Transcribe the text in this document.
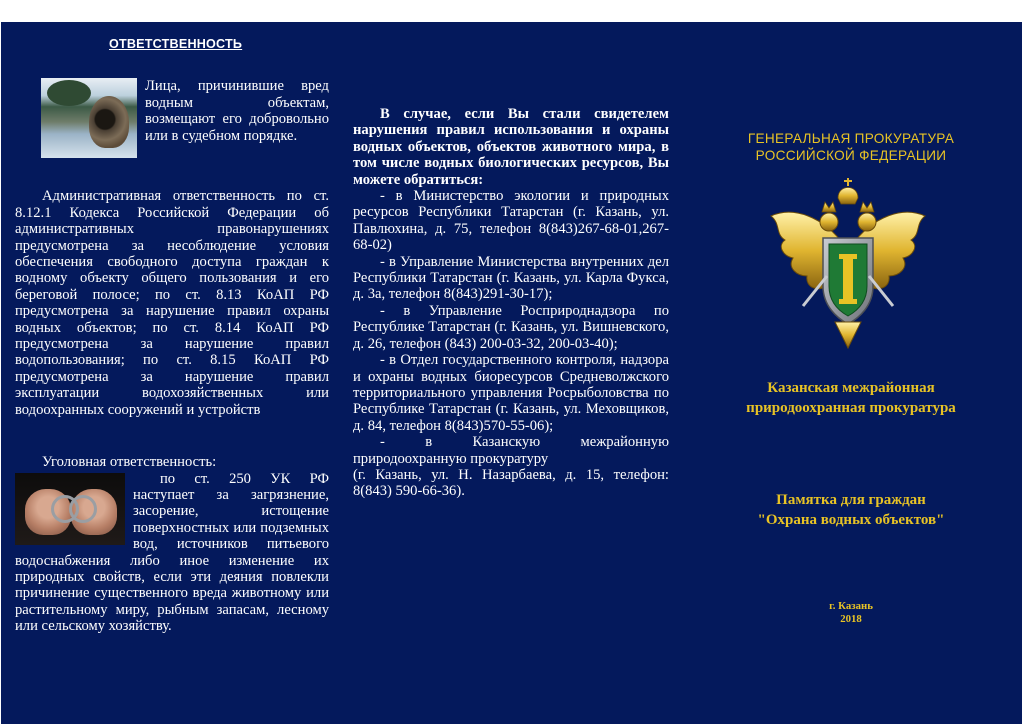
ОТВЕТСТВЕННОСТЬ
Лица, причинившие вред водным объектам, возмещают его добровольно или в судебном порядке.
Административная ответственность по ст. 8.12.1 Кодекса Российской Федерации об административных правонарушениях предусмотрена за несоблюдение условия обеспечения свободного доступа граждан к водному объекту общего пользования и его береговой полосе; по ст. 8.13 КоАП РФ предусмотрена за нарушение правил охраны водных объектов; по ст. 8.14 КоАП РФ предусмотрена за нарушение правил водопользования; по ст. 8.15 КоАП РФ предусмотрена за нарушение правил эксплуатации водохозяйственных или водоохранных сооружений и устройств
Уголовная ответственность:
по ст. 250 УК РФ наступает за загрязнение, засорение, истощение поверхностных или подземных вод, источников питьевого водоснабжения либо иное изменение их природных свойств, если эти деяния повлекли причинение существенного вреда животному или растительному миру, рыбным запасам, лесному или сельскому хозяйству.
В случае, если Вы стали свидетелем нарушения правил использования и охраны водных объектов, объектов животного мира, в том числе водных биологических ресурсов, Вы можете обратиться:
- в Министерство экологии и природных ресурсов Республики Татарстан (г. Казань, ул. Павлюхина, д. 75, телефон 8(843)267-68-01,267-68-02)
- в Управление Министерства внутренних дел Республики Татарстан (г. Казань, ул. Карла Фукса, д. 3а, телефон 8(843)291-30-17);
- в Управление Росприроднадзора по Республике Татарстан (г. Казань, ул. Вишневского, д. 26, телефон (843) 200-03-32, 200-03-40);
- в Отдел государственного контроля, надзора и охраны водных биоресурсов Средневолжского территориального управления Росрыболовства по Республике Татарстан (г. Казань, ул. Меховщиков, д. 84, телефон 8(843)570-55-06);
- в Казанскую межрайонную природоохранную прокуратуру
(г. Казань, ул. Н. Назарбаева, д. 15, телефон: 8(843) 590-66-36).
ГЕНЕРАЛЬНАЯ ПРОКУРАТУРА
РОССИЙСКОЙ ФЕДЕРАЦИИ
Казанская межрайонная
природоохранная прокуратура
Памятка для граждан
"Охрана водных объектов"
г. Казань
2018
